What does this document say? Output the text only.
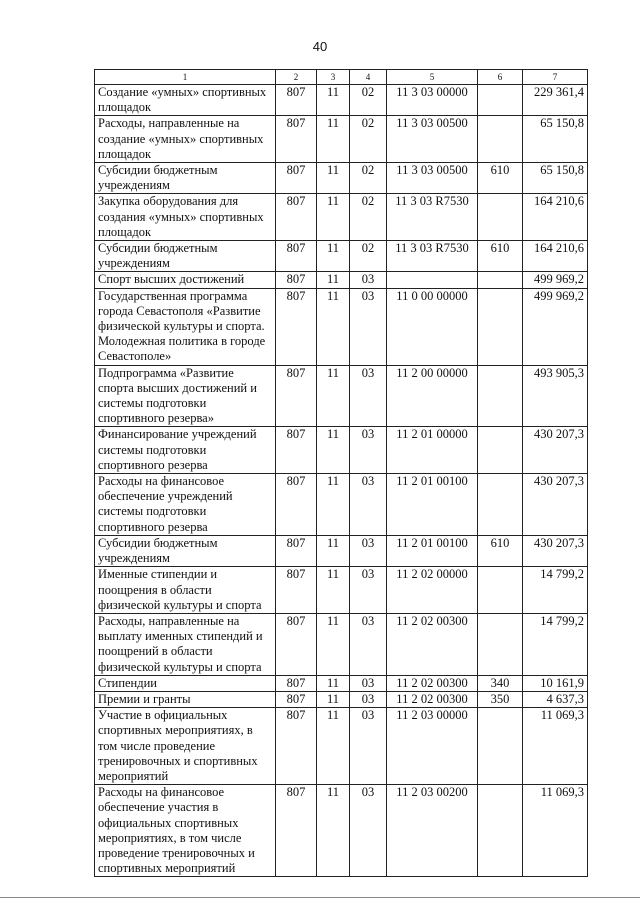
40
1	2	3	4	5	6	7
Создание «умных» спортивных площадок	807	11	02	11 3 03 00000		229 361,4
Расходы, направленные на создание «умных» спортивных площадок	807	11	02	11 3 03 00500		65 150,8
Субсидии бюджетным учреждениям	807	11	02	11 3 03 00500	610	65 150,8
Закупка оборудования для создания «умных» спортивных площадок	807	11	02	11 3 03 R7530		164 210,6
Субсидии бюджетным учреждениям	807	11	02	11 3 03 R7530	610	164 210,6
Спорт высших достижений	807	11	03			499 969,2
Государственная программа города Севастополя «Развитие физической культуры и спорта. Молодежная политика в городе Севастополе»	807	11	03	11 0 00 00000		499 969,2
Подпрограмма «Развитие спорта высших достижений и системы подготовки спортивного резерва»	807	11	03	11 2 00 00000		493 905,3
Финансирование учреждений системы подготовки спортивного резерва	807	11	03	11 2 01 00000		430 207,3
Расходы на финансовое обеспечение учреждений системы подготовки спортивного резерва	807	11	03	11 2 01 00100		430 207,3
Субсидии бюджетным учреждениям	807	11	03	11 2 01 00100	610	430 207,3
Именные стипендии и поощрения в области физической культуры и спорта	807	11	03	11 2 02 00000		14 799,2
Расходы, направленные на выплату именных стипендий и поощрений в области физической культуры и спорта	807	11	03	11 2 02 00300		14 799,2
Стипендии	807	11	03	11 2 02 00300	340	10 161,9
Премии и гранты	807	11	03	11 2 02 00300	350	4 637,3
Участие в официальных спортивных мероприятиях, в том числе проведение тренировочных и спортивных мероприятий	807	11	03	11 2 03 00000		11 069,3
Расходы на финансовое обеспечение участия в официальных спортивных мероприятиях, в том числе проведение тренировочных и спортивных мероприятий	807	11	03	11 2 03 00200		11 069,3
